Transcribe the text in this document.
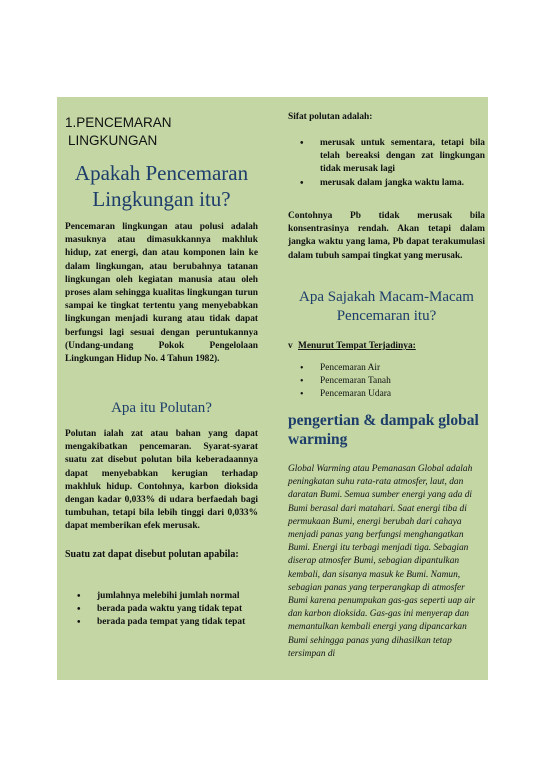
1.PENCEMARAN
LINGKUNGAN
Apakah Pencemaran Lingkungan itu?
Pencemaran lingkungan atau polusi adalah masuknya atau dimasukkannya makhluk hidup, zat energi, dan atau komponen lain ke dalam lingkungan, atau berubahnya tatanan lingkungan oleh kegiatan manusia atau oleh proses alam sehingga kualitas lingkungan turun sampai ke tingkat tertentu yang menyebabkan lingkungan menjadi kurang atau tidak dapat berfungsi lagi sesuai dengan peruntukannya (Undang-undang Pokok Pengelolaan Lingkungan Hidup No. 4 Tahun 1982).
Apa itu Polutan?
Polutan ialah zat atau bahan yang dapat mengakibatkan pencemaran. Syarat-syarat suatu zat disebut polutan bila keberadaannya dapat menyebabkan kerugian terhadap makhluk hidup. Contohnya, karbon dioksida dengan kadar 0,033% di udara berfaedah bagi tumbuhan, tetapi bila lebih tinggi dari 0,033% dapat memberikan efek merusak.
Suatu zat dapat disebut polutan apabila:
• jumlahnya melebihi jumlah normal
• berada pada waktu yang tidak tepat
• berada pada tempat yang tidak tepat
Sifat polutan adalah:
• merusak untuk sementara, tetapi bila telah bereaksi dengan zat lingkungan tidak merusak lagi
• merusak dalam jangka waktu lama.
Contohnya Pb tidak merusak bila konsentrasinya rendah. Akan tetapi dalam jangka waktu yang lama, Pb dapat terakumulasi dalam tubuh sampai tingkat yang merusak.
Apa Sajakah Macam-Macam Pencemaran itu?
v Menurut Tempat Terjadinya:
• Pencemaran Air
• Pencemaran Tanah
• Pencemaran Udara
pengertian & dampak global warming
Global Warming atau Pemanasan Global adalah peningkatan suhu rata-rata atmosfer, laut, dan daratan Bumi. Semua sumber energi yang ada di Bumi berasal dari matahari. Saat energi tiba di permukaan Bumi, energi berubah dari cahaya menjadi panas yang berfungsi menghangatkan Bumi. Energi itu terbagi menjadi tiga. Sebagian diserap atmosfer Bumi, sebagian dipantulkan kembali, dan sisanya masuk ke Bumi. Namun, sebagian panas yang terperangkap di atmosfer Bumi karena penumpukan gas-gas seperti uap air dan karbon dioksida. Gas-gas ini menyerap dan memantulkan kembali energi yang dipancarkan Bumi sehingga panas yang dihasilkan tetap tersimpan di
